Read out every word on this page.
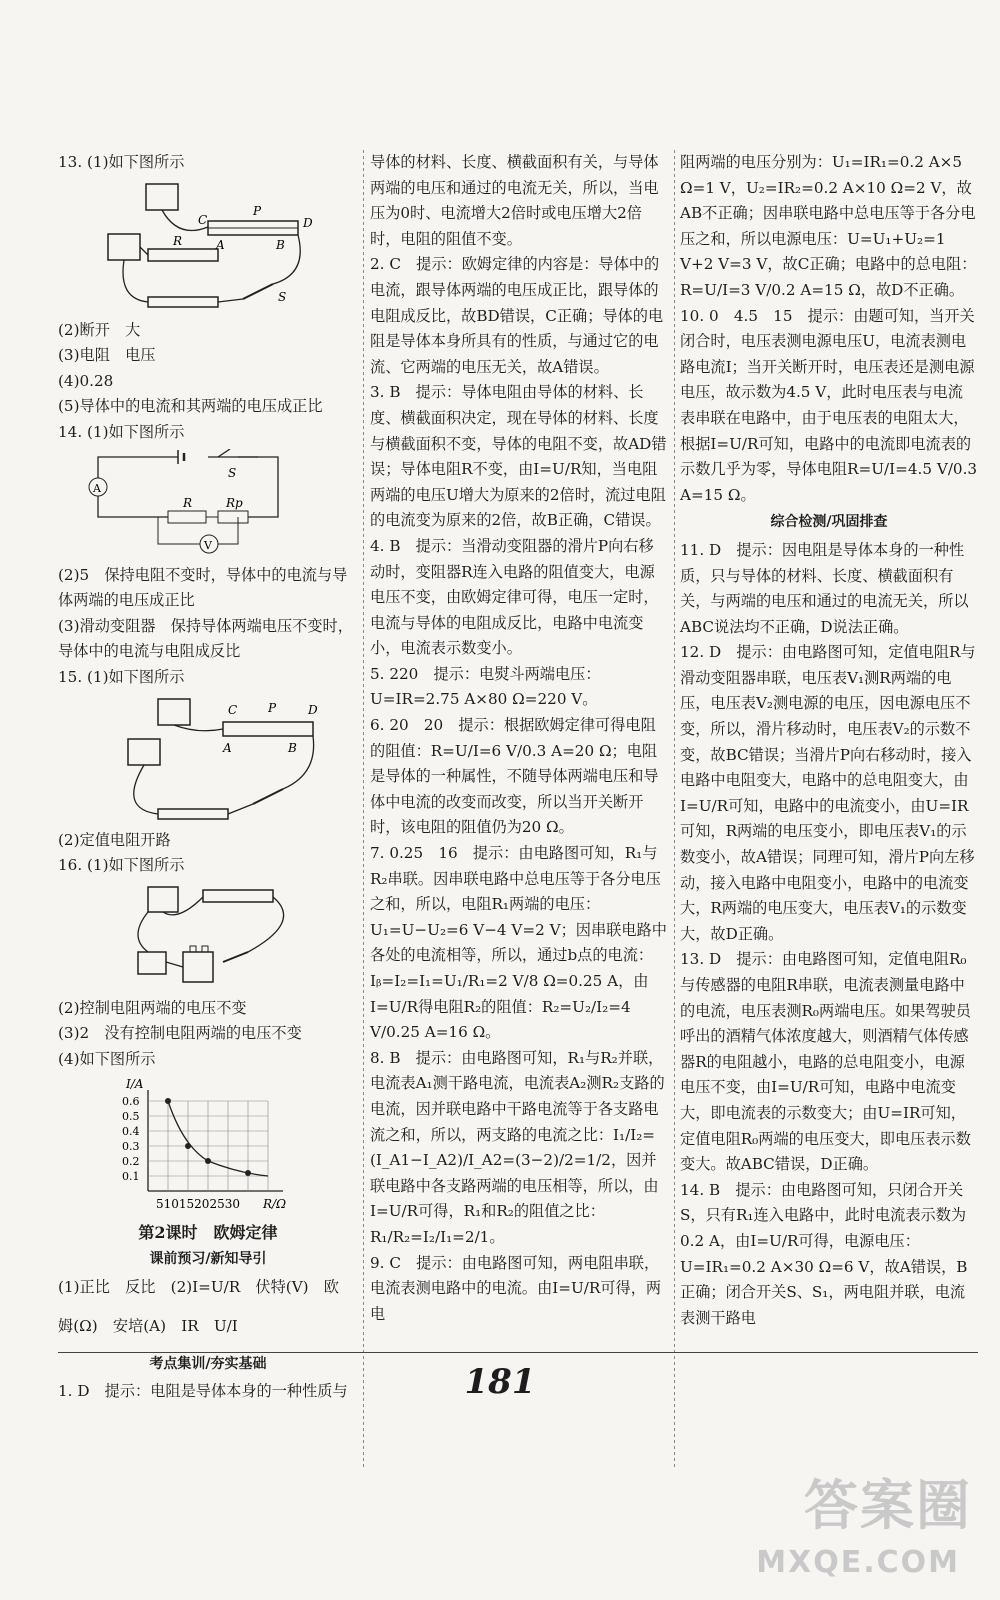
13. (1)如下图所示

C
P
D
A	B
R
S

(2)断开　大

(3)电阻　电压

(4)0.28

(5)导体中的电流和其两端的电压成正比

14. (1)如下图所示

A
V
R	Rp
S

(2)5　保持电阻不变时，导体中的电流与导体两端的电压成正比

(3)滑动变阻器　保持导体两端电压不变时，导体中的电流与电阻成反比

15. (1)如下图所示

C	P	D
A	B

(2)定值电阻开路

16. (1)如下图所示

(2)控制电阻两端的电压不变

(3)2　没有控制电阻两端的电压不变

(4)如下图所示

I/A
0.6
0.5
0.4
0.3
0.2
0.1
51015202530 R/Ω
第2课时　欧姆定律
课前预习/新知导引

(1)正比　反比　(2)I=U/R　伏特(V)　欧

姆(Ω)　安培(A)　IR　U/I

考点集训/夯实基础

1. D　提示：电阻是导体本身的一种性质与

导体的材料、长度、横截面积有关，与导体两端的电压和通过的电流无关，所以，当电压为0时、电流增大2倍时或电压增大2倍时，电阻的阻值不变。

2. C　提示：欧姆定律的内容是：导体中的电流，跟导体两端的电压成正比，跟导体的电阻成反比，故BD错误，C正确；导体的电阻是导体本身所具有的性质，与通过它的电流、它两端的电压无关，故A错误。

3. B　提示：导体电阻由导体的材料、长度、横截面积决定，现在导体的材料、长度与横截面积不变，导体的电阻不变，故AD错误；导体电阻R不变，由I=U/R知，当电阻两端的电压U增大为原来的2倍时，流过电阻的电流变为原来的2倍，故B正确，C错误。

4. B　提示：当滑动变阻器的滑片P向右移动时，变阻器R连入电路的阻值变大，电源电压不变，由欧姆定律可得，电压一定时，电流与导体的电阻成反比，电路中电流变小，电流表示数变小。

5. 220　提示：电熨斗两端电压：U=IR=2.75 A×80 Ω=220 V。

6. 20　20　提示：根据欧姆定律可得电阻的阻值：R=U/I=6 V/0.3 A=20 Ω；电阻是导体的一种属性，不随导体两端电压和导体中电流的改变而改变，所以当开关断开时，该电阻的阻值仍为20 Ω。

7. 0.25　16　提示：由电路图可知，R₁与R₂串联。因串联电路中总电压等于各分电压之和，所以，电阻R₁两端的电压：U₁=U−U₂=6 V−4 V=2 V；因串联电路中各处的电流相等，所以，通过b点的电流：Iᵦ=I₂=I₁=U₁/R₁=2 V/8 Ω=0.25 A，由I=U/R得电阻R₂的阻值：R₂=U₂/I₂=4 V/0.25 A=16 Ω。

8. B　提示：由电路图可知，R₁与R₂并联，电流表A₁测干路电流，电流表A₂测R₂支路的电流，因并联电路中干路电流等于各支路电流之和，所以，两支路的电流之比：I₁/I₂=(I_A1−I_A2)/I_A2=(3−2)/2=1/2，因并联电路中各支路两端的电压相等，所以，由I=U/R可得，R₁和R₂的阻值之比：R₁/R₂=I₂/I₁=2/1。

9. C　提示：由电路图可知，两电阻串联，电流表测电路中的电流。由I=U/R可得，两电

阻两端的电压分别为：U₁=IR₁=0.2 A×5 Ω=1 V，U₂=IR₂=0.2 A×10 Ω=2 V，故AB不正确；因串联电路中总电压等于各分电压之和，所以电源电压：U=U₁+U₂=1 V+2 V=3 V，故C正确；电路中的总电阻：R=U/I=3 V/0.2 A=15 Ω，故D不正确。

10. 0　4.5　15　提示：由题可知，当开关闭合时，电压表测电源电压U，电流表测电路电流I；当开关断开时，电压表还是测电源电压，故示数为4.5 V，此时电压表与电流表串联在电路中，由于电压表的电阻太大，根据I=U/R可知，电路中的电流即电流表的示数几乎为零，导体电阻R=U/I=4.5 V/0.3 A=15 Ω。

综合检测/巩固排查

11. D　提示：因电阻是导体本身的一种性质，只与导体的材料、长度、横截面积有关，与两端的电压和通过的电流无关，所以ABC说法均不正确，D说法正确。

12. D　提示：由电路图可知，定值电阻R与滑动变阻器串联，电压表V₁测R两端的电压，电压表V₂测电源的电压，因电源电压不变，所以，滑片移动时，电压表V₂的示数不变，故BC错误；当滑片P向右移动时，接入电路中电阻变大，电路中的总电阻变大，由I=U/R可知，电路中的电流变小，由U=IR可知，R两端的电压变小，即电压表V₁的示数变小，故A错误；同理可知，滑片P向左移动，接入电路中电阻变小，电路中的电流变大，R两端的电压变大，电压表V₁的示数变大，故D正确。

13. D　提示：由电路图可知，定值电阻R₀与传感器的电阻R串联，电流表测量电路中的电流，电压表测R₀两端电压。如果驾驶员呼出的酒精气体浓度越大，则酒精气体传感器R的电阻越小，电路的总电阻变小，电源电压不变，由I=U/R可知，电路中电流变大，即电流表的示数变大；由U=IR可知，定值电阻R₀两端的电压变大，即电压表示数变大。故ABC错误，D正确。

14. B　提示：由电路图可知，只闭合开关S，只有R₁连入电路中，此时电流表示数为0.2 A，由I=U/R可得，电源电压：U=IR₁=0.2 A×30 Ω=6 V，故A错误，B正确；闭合开关S、S₁，两电阻并联，电流表测干路电

181
答案圈
MXQE.COM
